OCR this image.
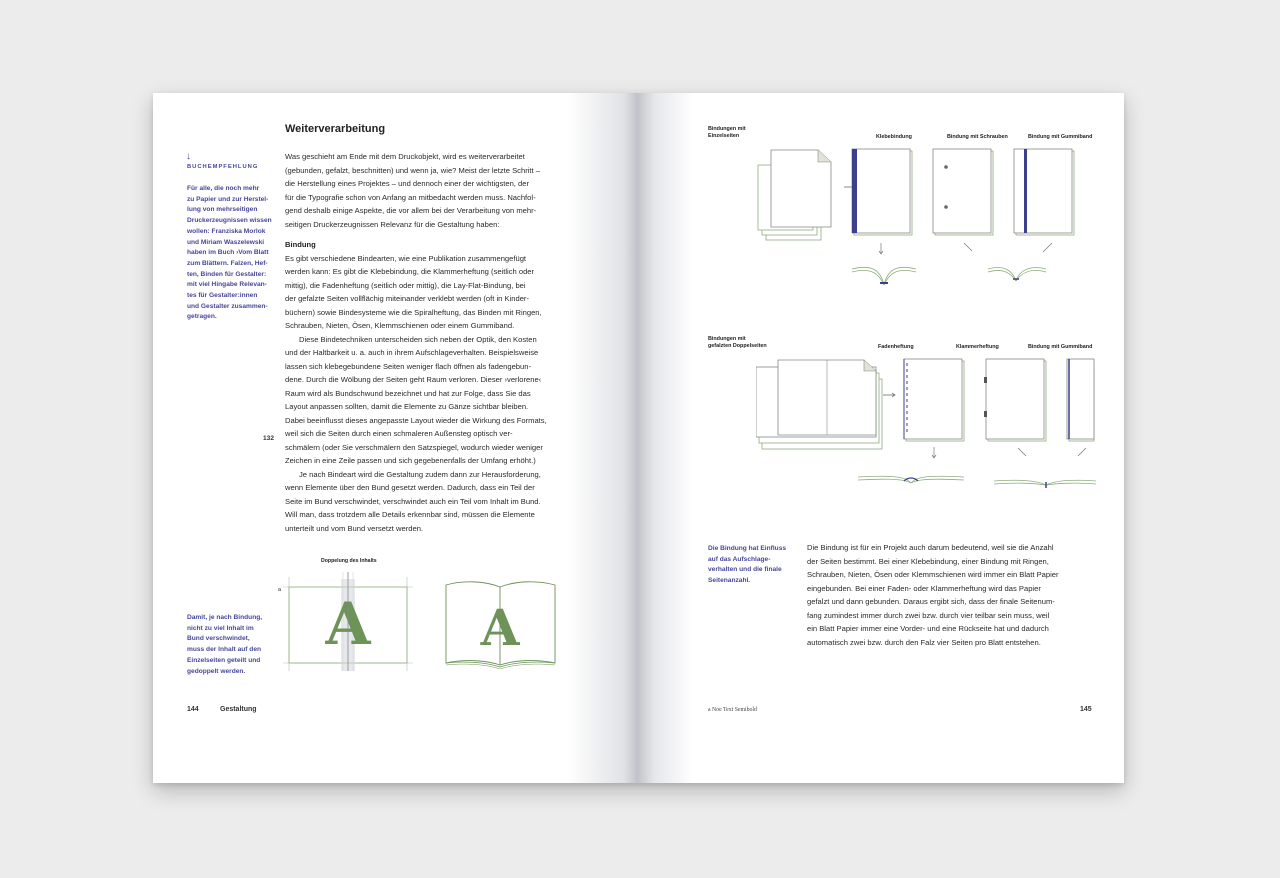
Weiterverarbeitung
↓
BUCHEMPFEHLUNG
Für alle, die noch mehr
zu Papier und zur Herstel-
lung von mehrseitigen
Druckerzeugnissen wissen
wollen: Franziska Morlok
und Miriam Waszelewski
haben im Buch ›Vom Blatt
zum Blättern. Falzen, Hef-
ten, Binden für Gestalter:
mit viel Hingabe Relevan-
tes für Gestalter:innen
und Gestalter zusammen-
getragen.
132

Was geschieht am Ende mit dem Druckobjekt, wird es weiterverarbeitet

(gebunden, gefalzt, beschnitten) und wenn ja, wie? Meist der letzte Schritt –

die Herstellung eines Projektes – und dennoch einer der wichtigsten, der

für die Typografie schon von Anfang an mitbedacht werden muss. Nachfol-

gend deshalb einige Aspekte, die vor allem bei der Verarbeitung von mehr-

seitigen Druckerzeugnissen Relevanz für die Gestaltung haben:

Bindung

Es gibt verschiedene Bindearten, wie eine Publikation zusammengefügt

werden kann: Es gibt die Klebebindung, die Klammerheftung (seitlich oder

mittig), die Fadenheftung (seitlich oder mittig), die Lay-Flat-Bindung, bei

der gefalzte Seiten vollflächig miteinander verklebt werden (oft in Kinder-

büchern) sowie Bindesysteme wie die Spiralheftung, das Binden mit Ringen,

Schrauben, Nieten, Ösen, Klemmschienen oder einem Gummiband.

Diese Bindetechniken unterscheiden sich neben der Optik, den Kosten

und der Haltbarkeit u. a. auch in ihrem Aufschlageverhalten. Beispielsweise

lassen sich klebegebundene Seiten weniger flach öffnen als fadengebun-

dene. Durch die Wölbung der Seiten geht Raum verloren. Dieser ›verlorene‹

Raum wird als Bundschwund bezeichnet und hat zur Folge, dass Sie das

Layout anpassen sollten, damit die Elemente zu Gänze sichtbar bleiben.

Dabei beeinflusst dieses angepasste Layout wieder die Wirkung des Formats,

weil sich die Seiten durch einen schmaleren Außensteg optisch ver-

schmälern (oder Sie verschmälern den Satzspiegel, wodurch wieder weniger

Zeichen in eine Zeile passen und sich gegebenenfalls der Umfang erhöht.)

Je nach Bindeart wird die Gestaltung zudem dann zur Herausforderung,

wenn Elemente über den Bund gesetzt werden. Dadurch, dass ein Teil der

Seite im Bund verschwindet, verschwindet auch ein Teil vom Inhalt im Bund.

Will man, dass trotzdem alle Details erkennbar sind, müssen die Elemente

unterteilt und vom Bund versetzt werden.

Doppelung des Inhalts
a A A
Damit, je nach Bindung,
nicht zu viel Inhalt im
Bund verschwindet,
muss der Inhalt auf den
Einzelseiten geteilt und
gedoppelt werden.
144	Gestaltung
Bindungen mit
Einzelseiten	Klebebindung	Bindung mit Schrauben	Bindung mit Gummiband
Bindungen mit
gefalzten Doppelseiten	Fadenheftung	Klammerheftung	Bindung mit Gummiband
Die Bindung hat Einfluss
auf das Aufschlage-
verhalten und die finale
Seitenanzahl.

Die Bindung ist für ein Projekt auch darum bedeutend, weil sie die Anzahl

der Seiten bestimmt. Bei einer Klebebindung, einer Bindung mit Ringen,

Schrauben, Nieten, Ösen oder Klemmschienen wird immer ein Blatt Papier

eingebunden. Bei einer Faden- oder Klammerheftung wird das Papier

gefalzt und dann gebunden. Daraus ergibt sich, dass der finale Seitenum-

fang zumindest immer durch zwei bzw. durch vier teilbar sein muss, weil

ein Blatt Papier immer eine Vorder- und eine Rückseite hat und dadurch

automatisch zwei bzw. durch den Falz vier Seiten pro Blatt entstehen.

a Noe Text Semibold	145
